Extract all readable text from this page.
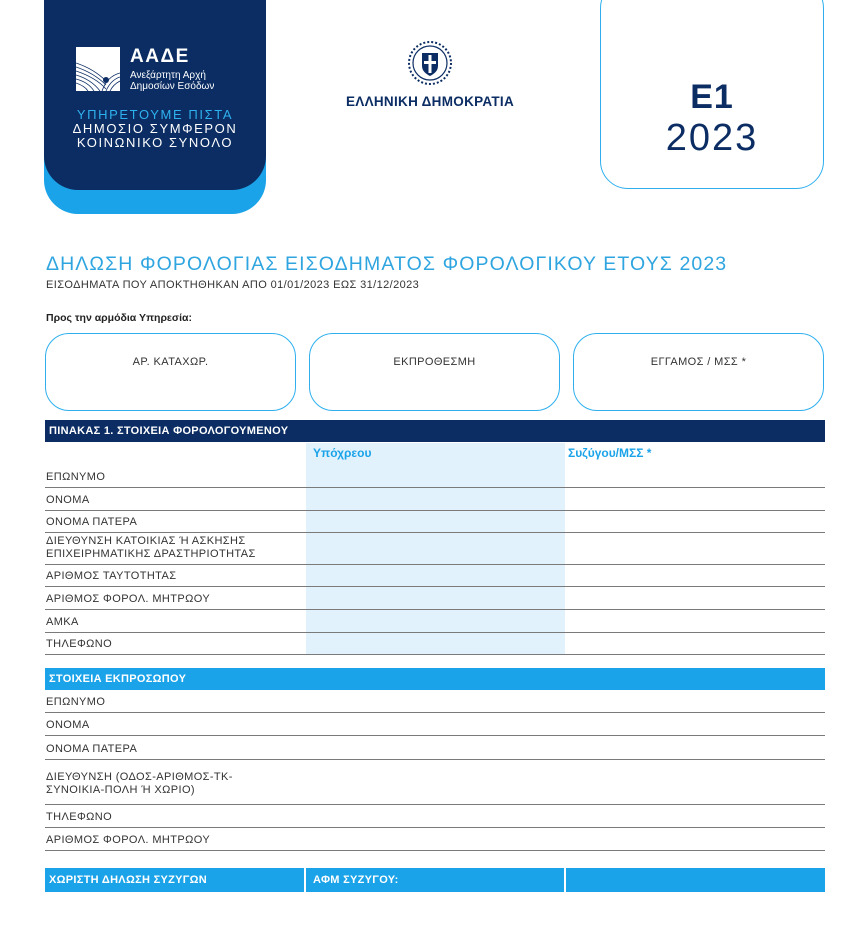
ΑΑΔΕ
Ανεξάρτητη Αρχή
Δημοσίων Εσόδων
ΥΠΗΡΕΤΟΥΜΕ ΠΙΣΤΑ
ΔΗΜΟΣΙΟ ΣΥΜΦΕΡΟΝ
ΚΟΙΝΩΝΙΚΟ ΣΥΝΟΛΟ
ΕΛΛΗΝΙΚΗ ΔΗΜΟΚΡΑΤΙΑ	Ε1
2023
ΔΗΛΩΣΗ ΦΟΡΟΛΟΓΙΑΣ ΕΙΣΟΔΗΜΑΤΟΣ ΦΟΡΟΛΟΓΙΚΟΥ ΕΤΟΥΣ 2023
ΕΙΣΟΔΗΜΑΤΑ ΠΟΥ ΑΠΟΚΤΗΘΗΚΑΝ ΑΠΟ 01/01/2023 ΕΩΣ 31/12/2023
Προς την αρμόδια Υπηρεσία:
ΑΡ. ΚΑΤΑΧΩΡ.	ΕΚΠΡΟΘΕΣΜΗ	ΕΓΓΑΜΟΣ / ΜΣΣ *
ΠΙΝΑΚΑΣ 1. ΣΤΟΙΧΕΙΑ ΦΟΡΟΛΟΓΟΥΜΕΝΟΥ
Υπόχρεου	Συζύγου/ΜΣΣ *
ΕΠΩΝΥΜΟ
ΟΝΟΜΑ
ΟΝΟΜΑ ΠΑΤΕΡΑ
ΔΙΕΥΘΥΝΣΗ ΚΑΤΟΙΚΙΑΣ Ή ΑΣΚΗΣΗΣ
ΕΠΙΧΕΙΡΗΜΑΤΙΚΗΣ ΔΡΑΣΤΗΡΙΟΤΗΤΑΣ
ΑΡΙΘΜΟΣ ΤΑΥΤΟΤΗΤΑΣ
ΑΡΙΘΜΟΣ ΦΟΡΟΛ. ΜΗΤΡΩΟΥ
ΑΜΚΑ
ΤΗΛΕΦΩΝΟ
ΣΤΟΙΧΕΙΑ ΕΚΠΡΟΣΩΠΟΥ
ΕΠΩΝΥΜΟ
ΟΝΟΜΑ
ΟΝΟΜΑ ΠΑΤΕΡΑ
ΔΙΕΥΘΥΝΣΗ (ΟΔΟΣ-ΑΡΙΘΜΟΣ-ΤΚ-
ΣΥΝΟΙΚΙΑ-ΠΟΛΗ Ή ΧΩΡΙΟ)
ΤΗΛΕΦΩΝΟ
ΑΡΙΘΜΟΣ ΦΟΡΟΛ. ΜΗΤΡΩΟΥ
ΧΩΡΙΣΤΗ ΔΗΛΩΣΗ ΣΥΖΥΓΩΝ	ΑΦΜ ΣΥΖΥΓΟΥ:
